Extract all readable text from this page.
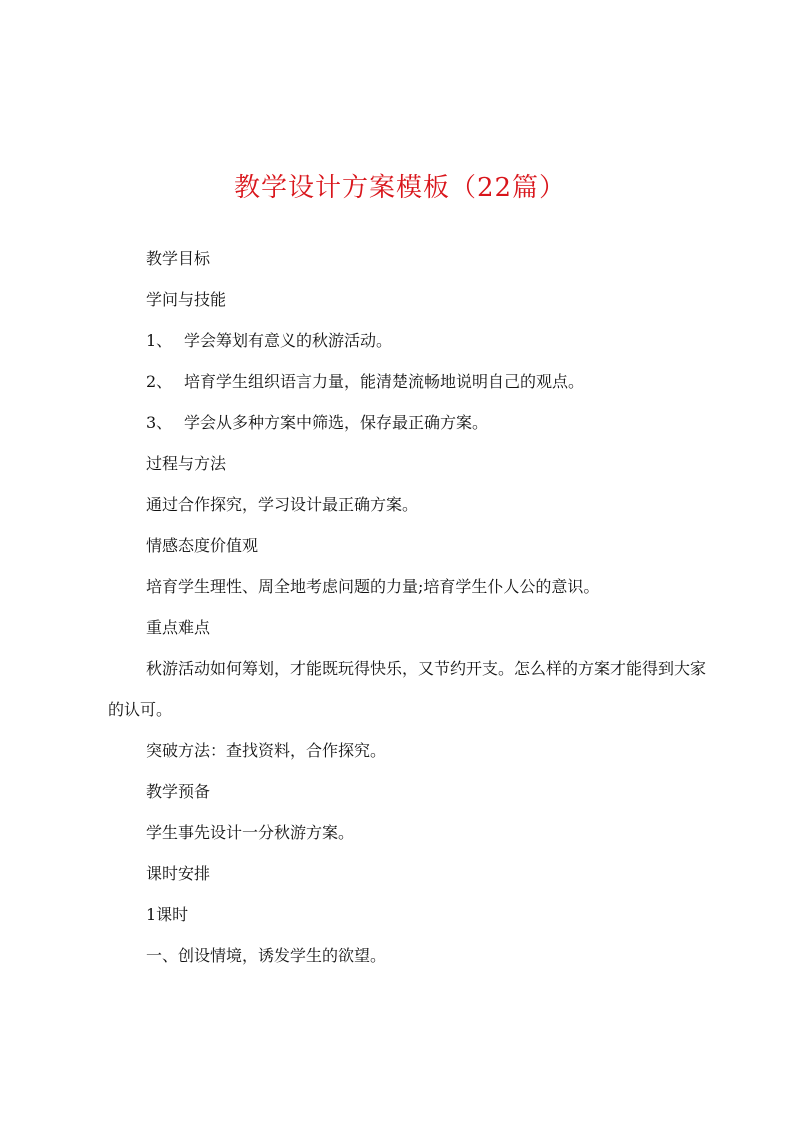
教学设计方案模板（22篇）

教学目标

学问与技能

1、 学会筹划有意义的秋游活动。
2、 培育学生组织语言力量，能清楚流畅地说明自己的观点。
3、 学会从多种方案中筛选，保存最正确方案。

过程与方法

通过合作探究，学习设计最正确方案。

情感态度价值观

培育学生理性、周全地考虑问题的力量;培育学生仆人公的意识。

重点难点

秋游活动如何筹划，才能既玩得快乐，又节约开支。怎么样的方案才能得到大家的认可。

突破方法：查找资料，合作探究。

教学预备

学生事先设计一分秋游方案。

课时安排

1课时

一、创设情境，诱发学生的欲望。
